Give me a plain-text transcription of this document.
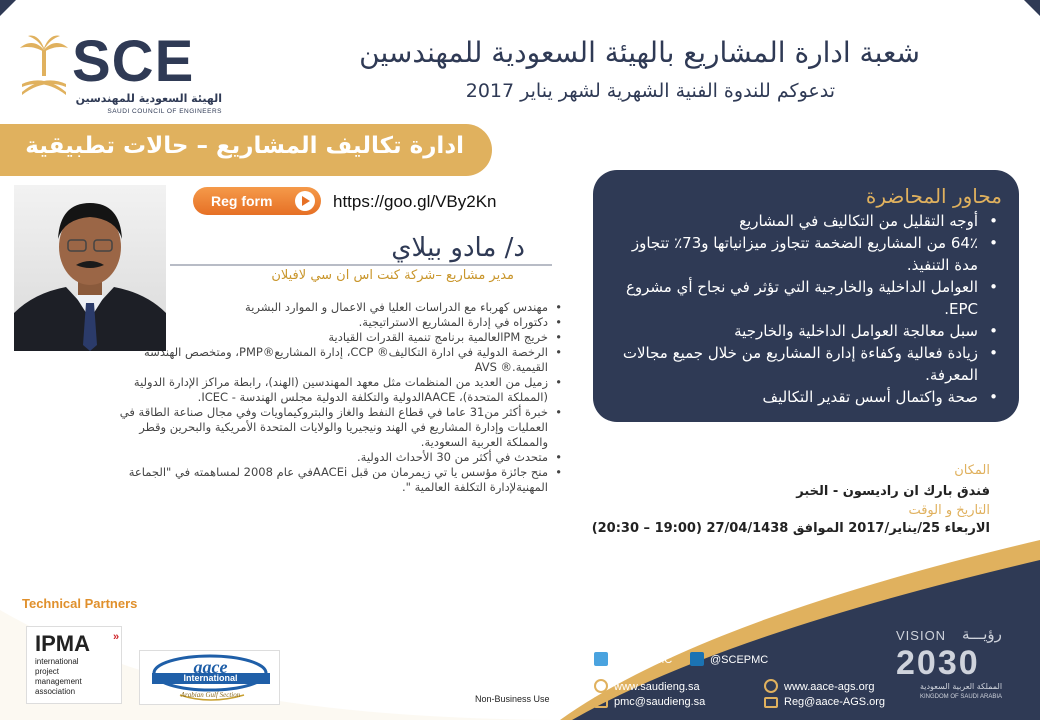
SCE
الهيئة السعودية للمهندسين
SAUDI COUNCIL OF ENGINEERS
شعبة ادارة المشاريع بالهيئة السعودية للمهندسين
تدعوكم للندوة الفنية الشهرية لشهر يناير 2017
ادارة تكاليف المشاريع – حالات تطبيقية
Reg form	https://goo.gl/VBy2Kn
د/ مادو بيلاي
مدير مشاريع –شركة كنت اس ان سي لافيلان
• مهندس كهرباء مع الدراسات العليا في الاعمال و الموارد البشرية
• دكتوراه في إدارة المشاريع الاستراتيجية.
• خريج PMالعالمية برنامج تنمية القدرات القيادية
• الرخصة الدولية في ادارة التكاليف® CCP، إدارة المشاريع®PMP، ومتخصص الهندسة القيمية.® AVS
• زميل من العديد من المنظمات مثل معهد المهندسين (الهند)، رابطة مراكز الإدارة الدولية (المملكة المتحدة)، AACEالدولية والتكلفة الدولية مجلس الهندسة - ICEC.
• خبرة أكثر من31 عاما في قطاع النفط والغاز والبتروكيماويات وفي مجال صناعة الطاقة في العمليات وإدارة المشاريع في الهند ونيجيريا والولايات المتحدة الأمريكية والبحرين وقطر والمملكة العربية السعودية.
• متحدث في أكثر من 30 الأحداث الدولية.
• منح جائزة مؤسس يا تي زيمرمان من قبل AACEiفي عام 2008 لمساهمته في "الجماعة المهنيةلإدارة التكلفة العالمية ".
محاور المحاضرة
• أوجه التقليل من التكاليف في المشاريع
• 64٪ من المشاريع الضخمة تتجاوز ميزانياتها و73٪ تتجاوز مدة التنفيذ.
• العوامل الداخلية والخارجية التي تؤثر في نجاح أي مشروع EPC.
• سبل معالجة العوامل الداخلية والخارجية
• زيادة فعالية وكفاءة إدارة المشاريع من خلال جميع مجالات المعرفة.
• صحة واكتمال أسس تقدير التكاليف
المكان
فندق بارك ان راديسون - الخبر
التاريخ و الوقت
الاربعاء 25/يناير/2017 الموافق 27/04/1438 (19:00 – 20:30)
Technical Partners
IPMA »
international
project
management
association
aace
International
Arabian Gulf Section	Non-Business Use
@SCEPMC	@SCEPMC
www.saudieng.sa
pmc@saudieng.sa
www.aace-ags.org
Reg@aace-AGS.org
VISION رؤيـــة
2030
المملكة العربية السعودية
KINGDOM OF SAUDI ARABIA
